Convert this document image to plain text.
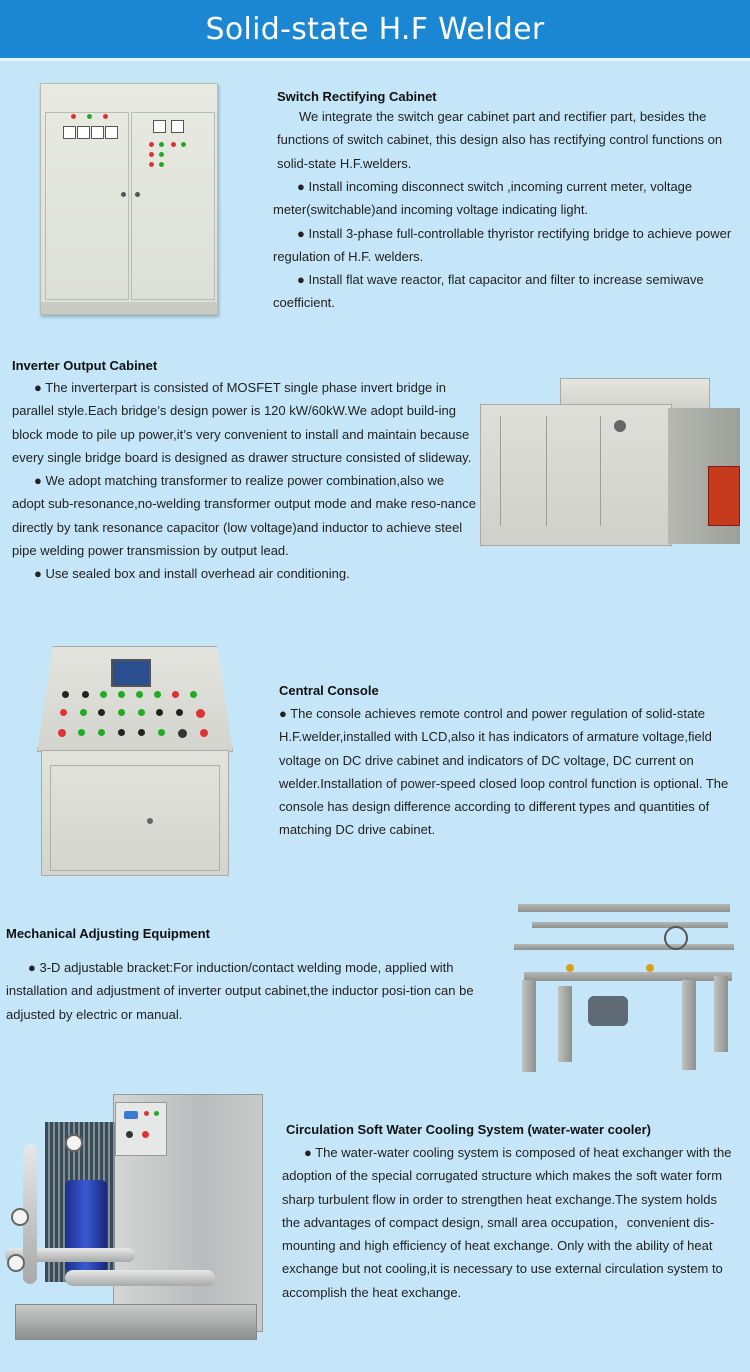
Solid-state H.F Welder
Switch Rectifying Cabinet

We integrate the switch gear cabinet part and rectifier part, besides the functions of switch cabinet, this design also has rectifying control functions on solid-state H.F.welders.

● Install incoming disconnect switch ,incoming current meter, voltage meter(switchable)and incoming voltage indicating light.

● Install 3-phase full-controllable thyristor rectifying bridge to achieve power regulation of H.F. welders.

● Install flat wave reactor, flat capacitor and filter to increase semiwave coefficient.

Inverter Output Cabinet

● The inverterpart is consisted of MOSFET single phase invert bridge in parallel style.Each bridge’s design power is 120 kW/60kW.We adopt build-ing block mode to pile up power,it’s very convenient to install and maintain because every single bridge board is designed as drawer structure consisted of slideway.

● We adopt matching transformer to realize power combination,also we adopt sub-resonance,no-welding transformer output mode and make reso-nance directly by tank resonance capacitor (low voltage)and inductor to achieve steel pipe welding power transmission by output lead.

● Use sealed box and install overhead air conditioning.

Central Console

● The console achieves remote control and power regulation of solid-state H.F.welder,installed with LCD,also it has indicators of armature voltage,field voltage on DC drive cabinet and indicators of DC voltage, DC current on welder.Installation of power-speed closed loop control function is optional. The console has design difference according to different types and quantities of matching DC drive cabinet.

Mechanical Adjusting Equipment

● 3-D adjustable bracket:For induction/contact welding mode, applied with installation and adjustment of inverter output cabinet,the inductor posi-tion can be adjusted by electric or manual.

Circulation Soft Water Cooling System (water-water cooler)

● The water-water cooling system is composed of heat exchanger with the adoption of the special corrugated structure which makes the soft water form sharp turbulent flow in order to strengthen heat exchange.The system holds the advantages of compact design, small area occupation，convenient dis-mounting and high efficiency of heat exchange. Only with the ability of heat exchange but not cooling,it is necessary to use external circulation system to accomplish the heat exchange.
